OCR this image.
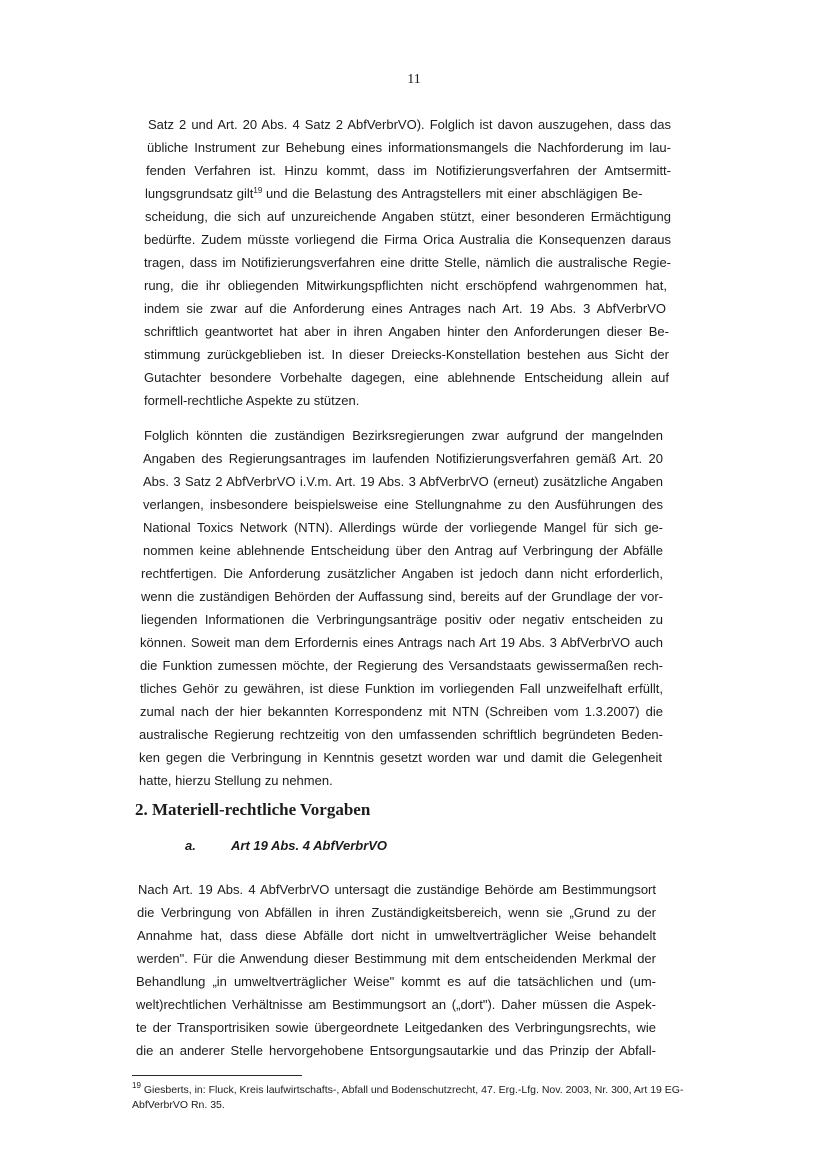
11
Satz 2 und Art. 20 Abs. 4 Satz 2 AbfVerbrVO). Folglich ist davon auszugehen, dass das
übliche Instrument zur Behebung eines informationsmangels die Nachforderung im lau-
fenden Verfahren ist. Hinzu kommt, dass im Notifizierungsverfahren der Amtsermitt-
lungsgrundsatz gilt$^{19}$ und die Belastung des Antragstellers mit einer abschlägigen Be-
scheidung, die sich auf unzureichende Angaben stützt, einer besonderen Ermächtigung
bedürfte. Zudem müsste vorliegend die Firma Orica Australia die Konsequenzen daraus
tragen, dass im Notifizierungsverfahren eine dritte Stelle, nämlich die australische Regie-
rung, die ihr obliegenden Mitwirkungspflichten nicht erschöpfend wahrgenommen hat,
indem sie zwar auf die Anforderung eines Antrages nach Art. 19 Abs. 3 AbfVerbrVO
schriftlich geantwortet hat aber in ihren Angaben hinter den Anforderungen dieser Be-
stimmung zurückgeblieben ist. In dieser Dreiecks-Konstellation bestehen aus Sicht der
Gutachter besondere Vorbehalte dagegen, eine ablehnende Entscheidung allein auf
formell-rechtliche Aspekte zu stützen.
Folglich könnten die zuständigen Bezirksregierungen zwar aufgrund der mangelnden
Angaben des Regierungsantrages im laufenden Notifizierungsverfahren gemäß Art. 20
Abs. 3 Satz 2 AbfVerbrVO i.V.m. Art. 19 Abs. 3 AbfVerbrVO (erneut) zusätzliche Angaben
verlangen, insbesondere beispielsweise eine Stellungnahme zu den Ausführungen des
National Toxics Network (NTN). Allerdings würde der vorliegende Mangel für sich ge-
nommen keine ablehnende Entscheidung über den Antrag auf Verbringung der Abfälle
rechtfertigen. Die Anforderung zusätzlicher Angaben ist jedoch dann nicht erforderlich,
wenn die zuständigen Behörden der Auffassung sind, bereits auf der Grundlage der vor-
liegenden Informationen die Verbringungsanträge positiv oder negativ entscheiden zu
können. Soweit man dem Erfordernis eines Antrags nach Art 19 Abs. 3 AbfVerbrVO auch
die Funktion zumessen möchte, der Regierung des Versandstaats gewissermaßen rech-
tliches Gehör zu gewähren, ist diese Funktion im vorliegenden Fall unzweifelhaft erfüllt,
zumal nach der hier bekannten Korrespondenz mit NTN (Schreiben vom 1.3.2007) die
australische Regierung rechtzeitig von den umfassenden schriftlich begründeten Beden-
ken gegen die Verbringung in Kenntnis gesetzt worden war und damit die Gelegenheit
hatte, hierzu Stellung zu nehmen.
2. Materiell-rechtliche Vorgaben
a.	Art 19 Abs. 4 AbfVerbrVO
Nach Art. 19 Abs. 4 AbfVerbrVO untersagt die zuständige Behörde am Bestimmungsort
die Verbringung von Abfällen in ihren Zuständigkeitsbereich, wenn sie „Grund zu der
Annahme hat, dass diese Abfälle dort nicht in umweltverträglicher Weise behandelt
werden". Für die Anwendung dieser Bestimmung mit dem entscheidenden Merkmal der
Behandlung „in umweltverträglicher Weise" kommt es auf die tatsächlichen und (um-
welt)rechtlichen Verhältnisse am Bestimmungsort an („dort"). Daher müssen die Aspek-
te der Transportrisiken sowie übergeordnete Leitgedanken des Verbringungsrechts, wie
die an anderer Stelle hervorgehobene Entsorgungsautarkie und das Prinzip der Abfall-
$^{19}$ Giesberts, in: Fluck, Kreis laufwirtschafts-, Abfall und Bodenschutzrecht, 47. Erg.-Lfg. Nov. 2003, Nr. 300, Art 19 EG-
AbfVerbrVO Rn. 35.
